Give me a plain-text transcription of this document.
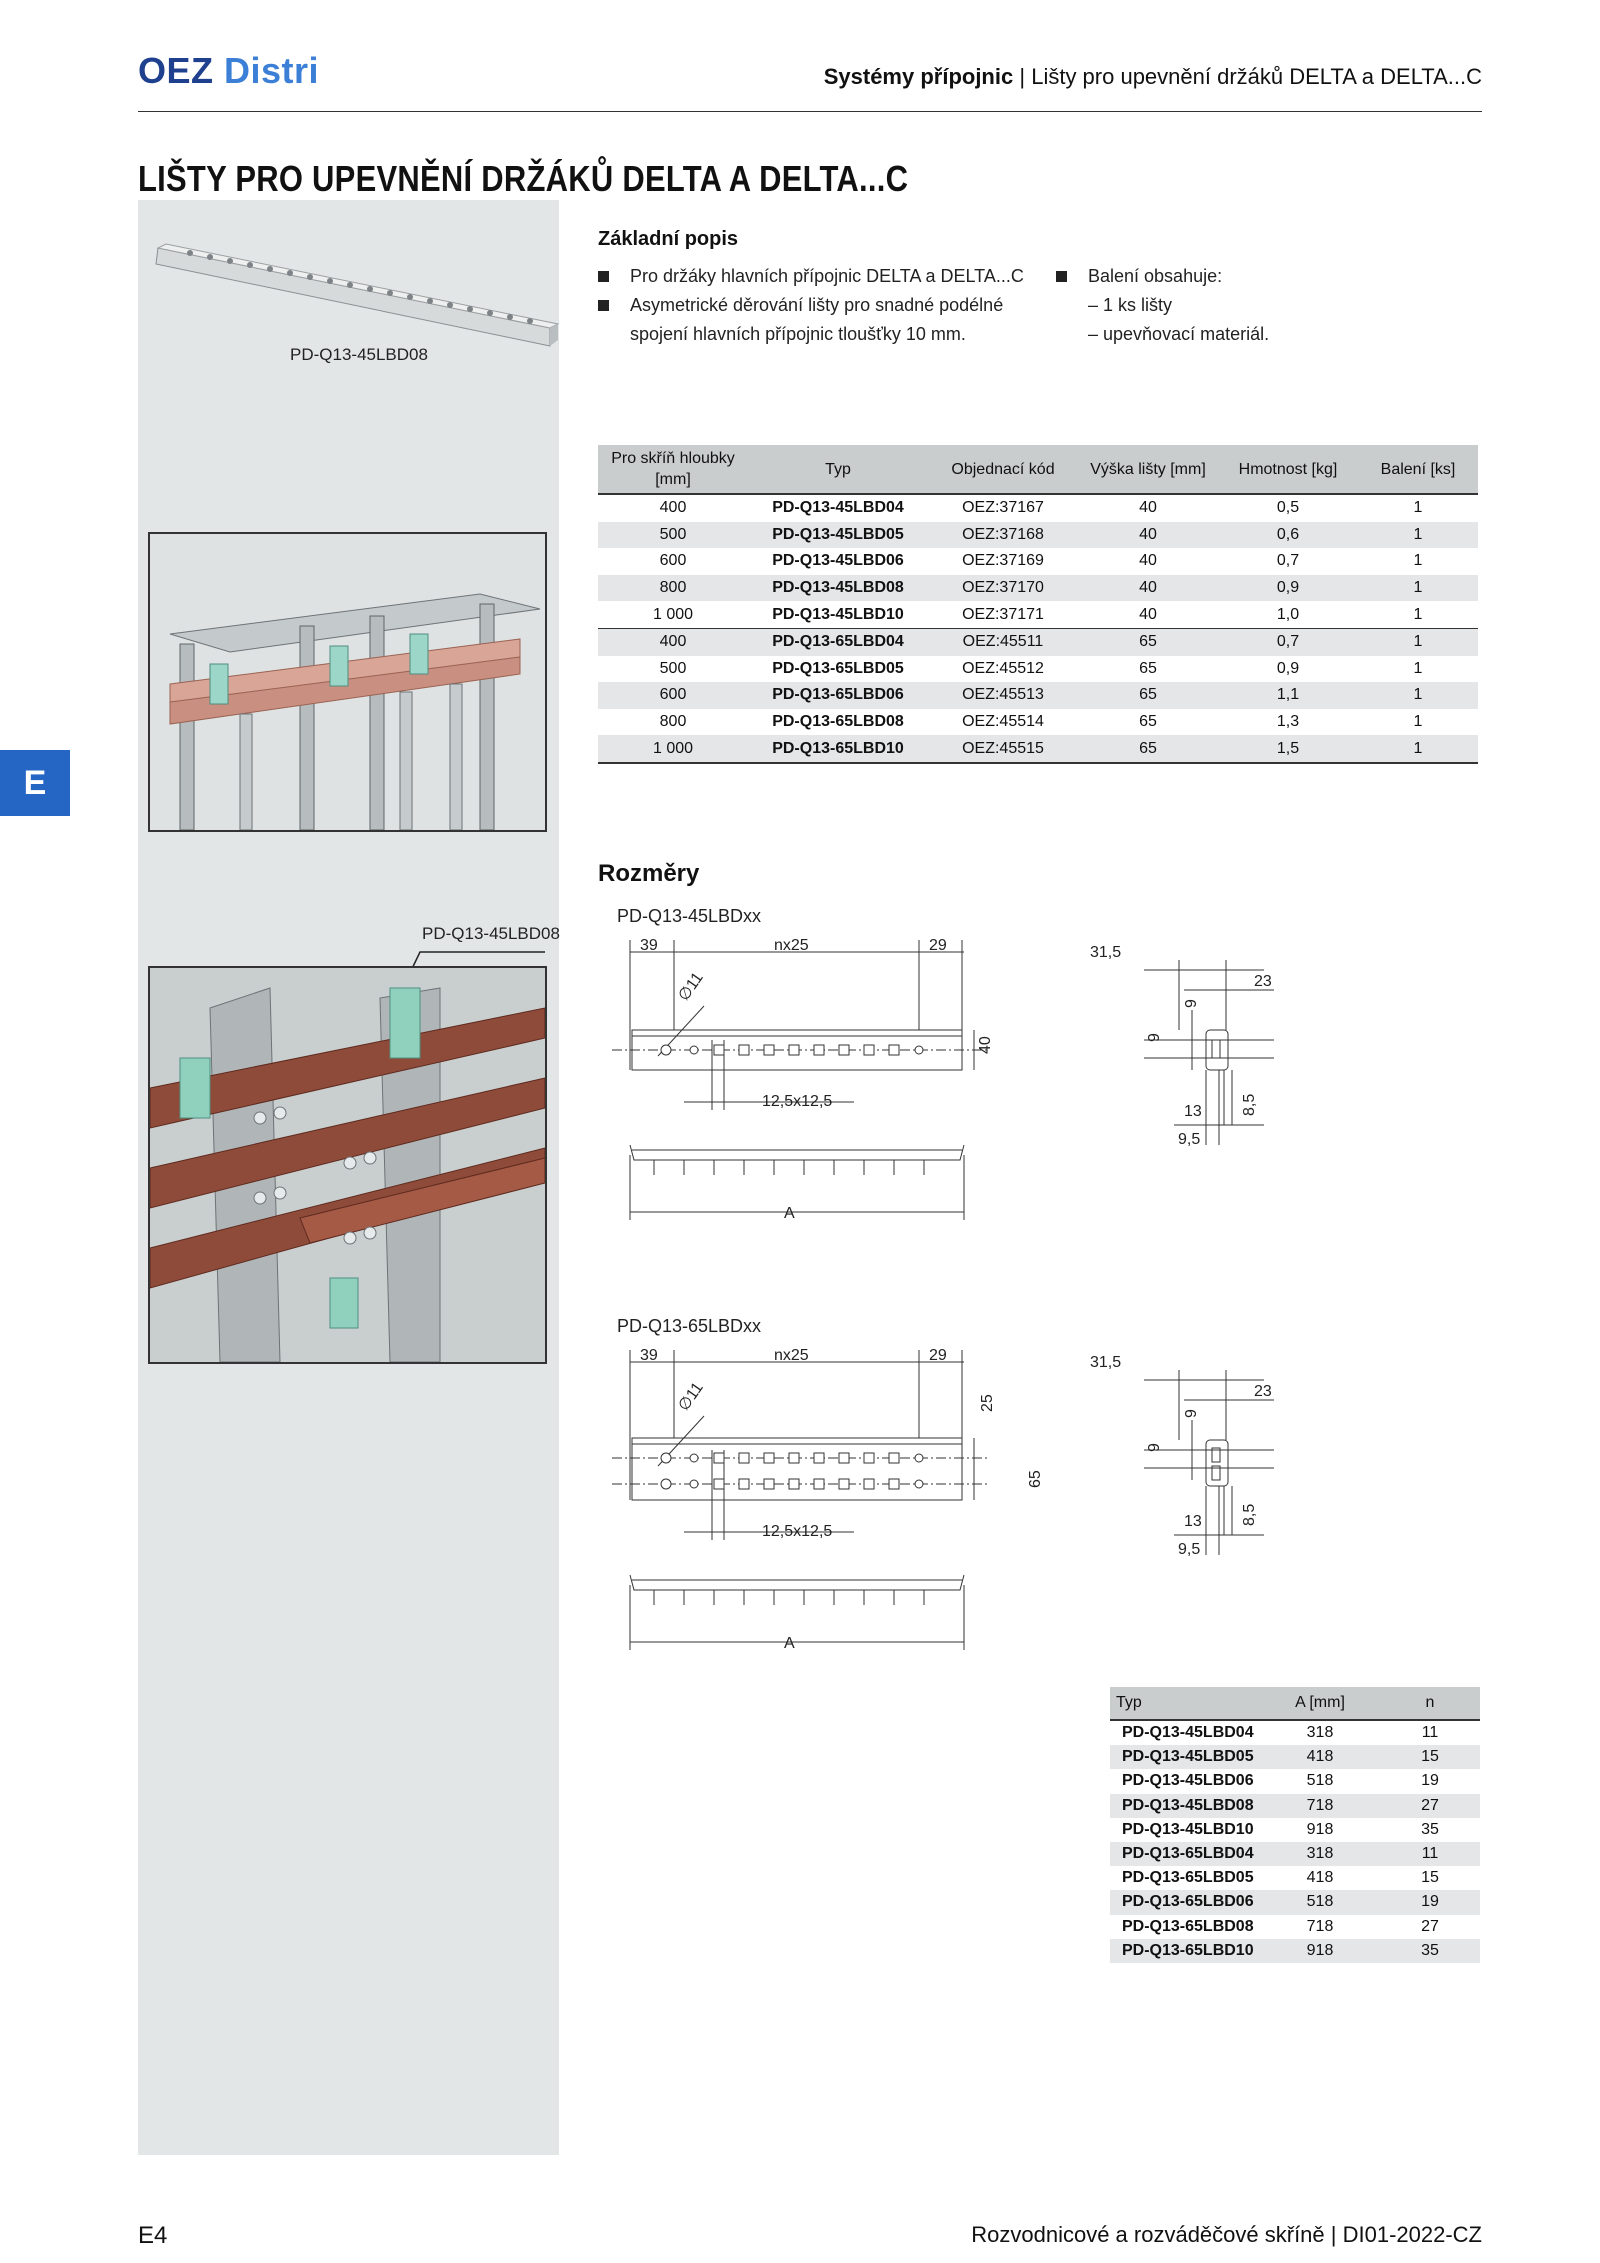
OEZ Distri	Systémy přípojnic | Lišty pro upevnění držáků DELTA a DELTA...C
LIŠTY PRO UPEVNĚNÍ DRŽÁKŮ DELTA A DELTA...C
PD-Q13-45LBD08
PD-Q13-45LBD08
E
Základní popis
Pro držáky hlavních přípojnic DELTA a DELTA...C
Asymetrické děrování lišty pro snadné podélné spojení hlavních přípojnic tloušťky 10 mm.
Balení obsahuje:
– 1 ks lišty
– upevňovací materiál.
Pro skříň hloubky [mm]	Typ	Objednací kód	Výška lišty [mm]	Hmotnost [kg]	Balení [ks]
400	PD-Q13-45LBD04	OEZ:37167	40	0,5	1
500	PD-Q13-45LBD05	OEZ:37168	40	0,6	1
600	PD-Q13-45LBD06	OEZ:37169	40	0,7	1
800	PD-Q13-45LBD08	OEZ:37170	40	0,9	1
1 000	PD-Q13-45LBD10	OEZ:37171	40	1,0	1
400	PD-Q13-65LBD04	OEZ:45511	65	0,7	1
500	PD-Q13-65LBD05	OEZ:45512	65	0,9	1
600	PD-Q13-65LBD06	OEZ:45513	65	1,1	1
800	PD-Q13-65LBD08	OEZ:45514	65	1,3	1
1 000	PD-Q13-65LBD10	OEZ:45515	65	1,5	1
Rozměry
PD-Q13-45LBDxx
PD-Q13-65LBDxx
39	nx25	29
∅11
40
12,5x12,5
A
31,5
9
23
9
13
9,5
8,5
39	nx25	29
∅11	25
65
12,5x12,5
A
31,5
9
23
9
13
9,5
8,5
Typ	A [mm]	n
PD-Q13-45LBD04	318	11
PD-Q13-45LBD05	418	15
PD-Q13-45LBD06	518	19
PD-Q13-45LBD08	718	27
PD-Q13-45LBD10	918	35
PD-Q13-65LBD04	318	11
PD-Q13-65LBD05	418	15
PD-Q13-65LBD06	518	19
PD-Q13-65LBD08	718	27
PD-Q13-65LBD10	918	35
E4	Rozvodnicové a rozváděčové skříně | DI01-2022-CZ
